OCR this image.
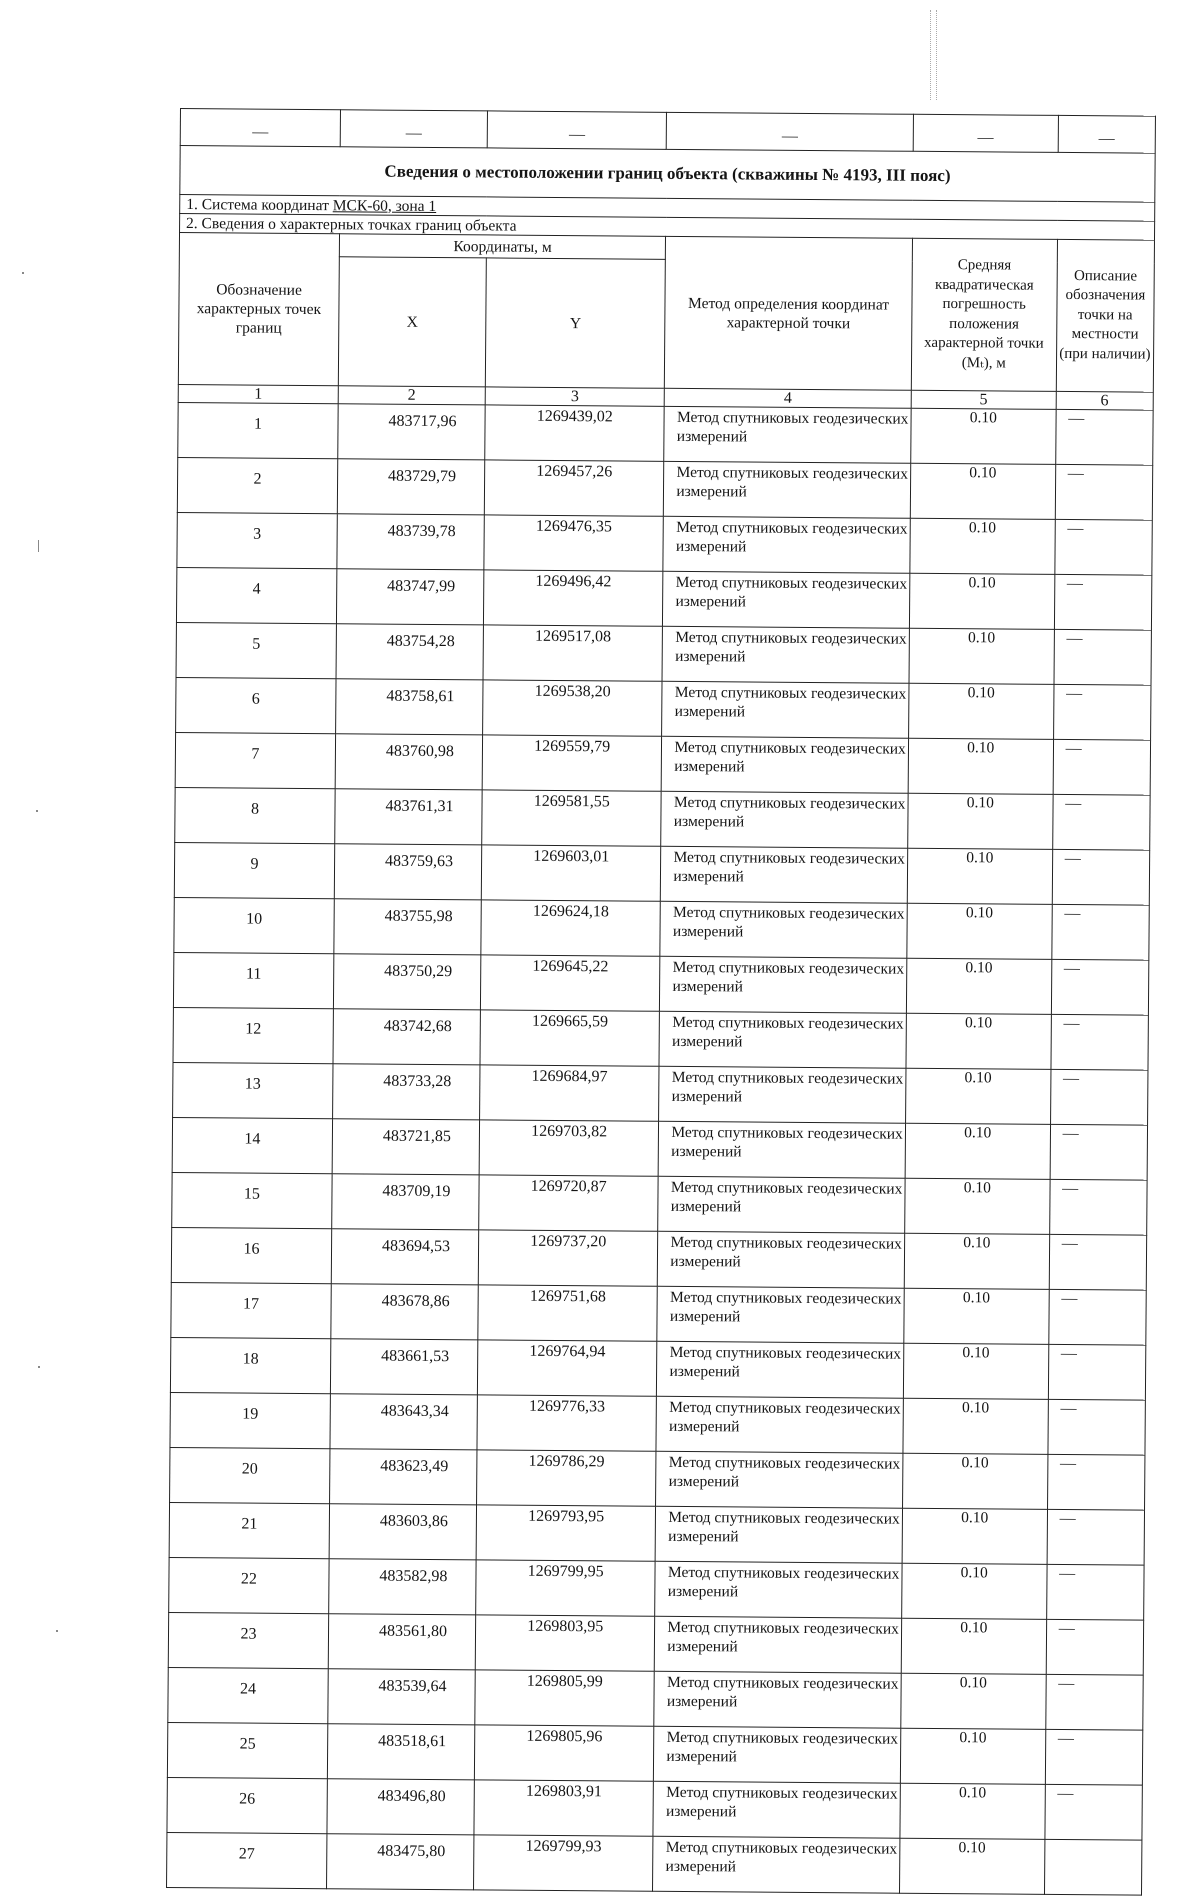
—	—	—	—	—	—
Сведения о местоположении границ объекта (скважины № 4193, III пояс)					
1. Система координат МСК-60, зона 1					
2. Сведения о характерных точках границ объекта					
Обозначение характерных точек границ	Координаты, м		Метод определения координат характерной точки	Средняя квадратическая погрешность положения характерной точки (Mₜ), м	Описание обозначения точки на местности (при наличии)
	X	Y			
1	2	3	4	5	6
1	483717,96	1269439,02	Метод спутниковых геодезических измерений	0.10	—
2	483729,79	1269457,26	Метод спутниковых геодезических измерений	0.10	—
3	483739,78	1269476,35	Метод спутниковых геодезических измерений	0.10	—
4	483747,99	1269496,42	Метод спутниковых геодезических измерений	0.10	—
5	483754,28	1269517,08	Метод спутниковых геодезических измерений	0.10	—
6	483758,61	1269538,20	Метод спутниковых геодезических измерений	0.10	—
7	483760,98	1269559,79	Метод спутниковых геодезических измерений	0.10	—
8	483761,31	1269581,55	Метод спутниковых геодезических измерений	0.10	—
9	483759,63	1269603,01	Метод спутниковых геодезических измерений	0.10	—
10	483755,98	1269624,18	Метод спутниковых геодезических измерений	0.10	—
11	483750,29	1269645,22	Метод спутниковых геодезических измерений	0.10	—
12	483742,68	1269665,59	Метод спутниковых геодезических измерений	0.10	—
13	483733,28	1269684,97	Метод спутниковых геодезических измерений	0.10	—
14	483721,85	1269703,82	Метод спутниковых геодезических измерений	0.10	—
15	483709,19	1269720,87	Метод спутниковых геодезических измерений	0.10	—
16	483694,53	1269737,20	Метод спутниковых геодезических измерений	0.10	—
17	483678,86	1269751,68	Метод спутниковых геодезических измерений	0.10	—
18	483661,53	1269764,94	Метод спутниковых геодезических измерений	0.10	—
19	483643,34	1269776,33	Метод спутниковых геодезических измерений	0.10	—
20	483623,49	1269786,29	Метод спутниковых геодезических измерений	0.10	—
21	483603,86	1269793,95	Метод спутниковых геодезических измерений	0.10	—
22	483582,98	1269799,95	Метод спутниковых геодезических измерений	0.10	—
23	483561,80	1269803,95	Метод спутниковых геодезических измерений	0.10	—
24	483539,64	1269805,99	Метод спутниковых геодезических измерений	0.10	—
25	483518,61	1269805,96	Метод спутниковых геодезических измерений	0.10	—
26	483496,80	1269803,91	Метод спутниковых геодезических измерений	0.10	—
27	483475,80	1269799,93	Метод спутниковых геодезических измерений	0.10	
